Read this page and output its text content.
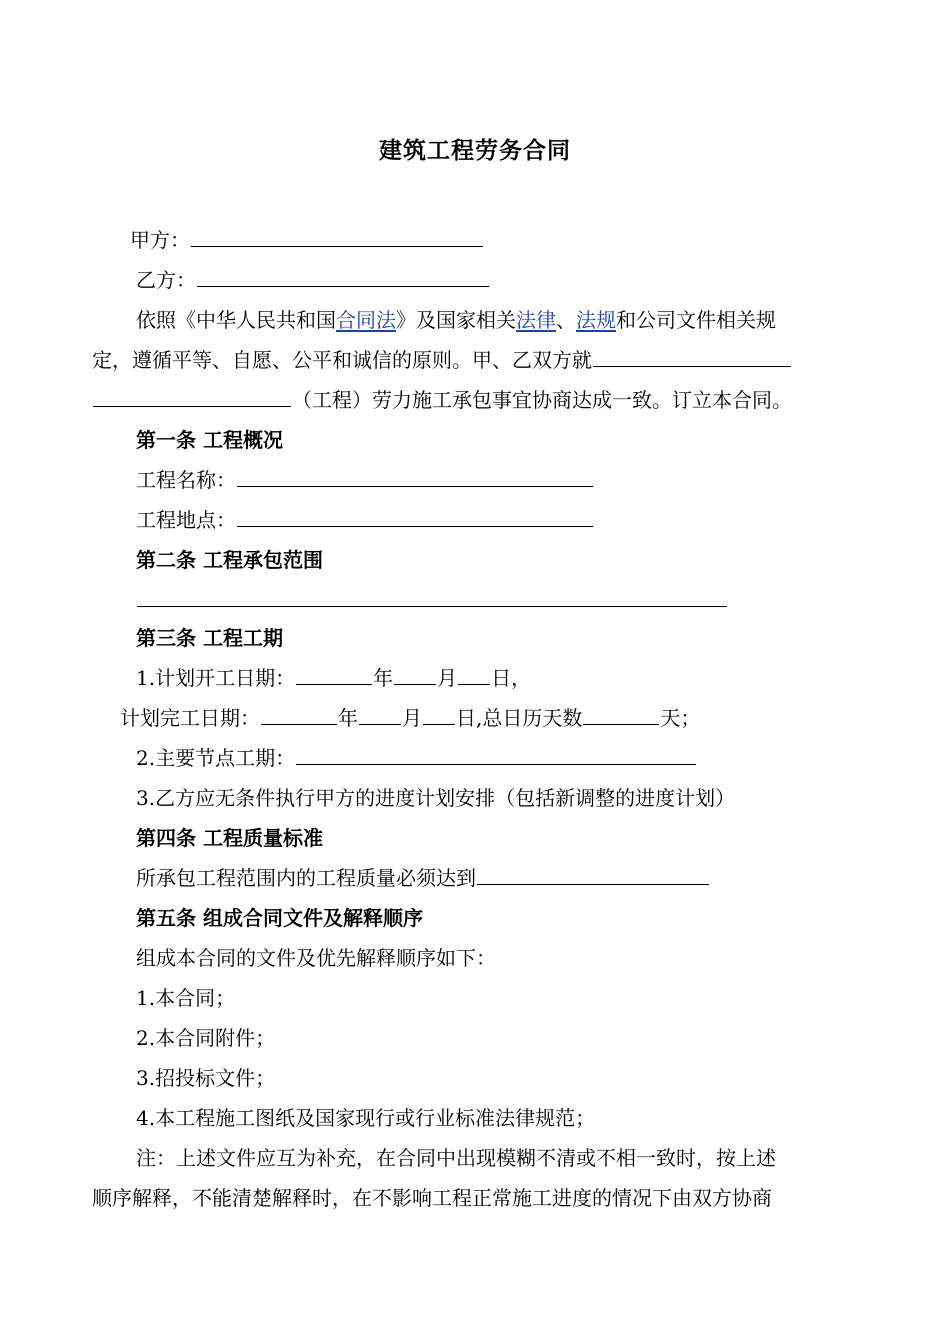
建筑工程劳务合同
甲方：
乙方：
依照《中华人民共和国合同法》及国家相关法律、法规和公司文件相关规
定，遵循平等、自愿、公平和诚信的原则。甲、乙双方就
（工程）劳力施工承包事宜协商达成一致。订立本合同。
第一条 工程概况
工程名称：
工程地点：
第二条 工程承包范围
第三条 工程工期
1.计划开工日期：	年 月 日，
计划完工日期：	年 月 日,总日历天数	天；
2.主要节点工期：
3.乙方应无条件执行甲方的进度计划安排（包括新调整的进度计划）
第四条 工程质量标准
所承包工程范围内的工程质量必须达到
第五条 组成合同文件及解释顺序
组成本合同的文件及优先解释顺序如下：
1.本合同；
2.本合同附件；
3.招投标文件；
4.本工程施工图纸及国家现行或行业标准法律规范；
注：上述文件应互为补充，在合同中出现模糊不清或不相一致时，按上述
顺序解释，不能清楚解释时，在不影响工程正常施工进度的情况下由双方协商
